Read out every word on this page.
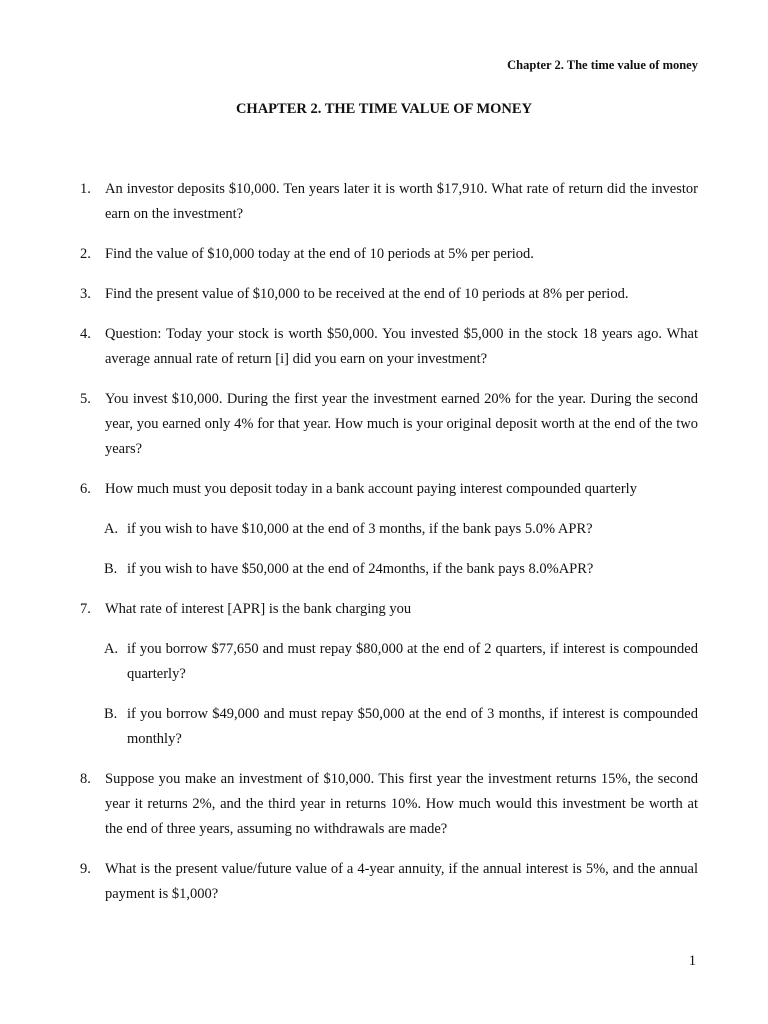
Chapter 2. The time value of money
CHAPTER 2. THE TIME VALUE OF MONEY
1. An investor deposits $10,000. Ten years later it is worth $17,910. What rate of return did the investor earn on the investment?
2. Find the value of $10,000 today at the end of 10 periods at 5% per period.
3. Find the present value of $10,000 to be received at the end of 10 periods at 8% per period.
4. Question: Today your stock is worth $50,000. You invested $5,000 in the stock 18 years ago. What average annual rate of return [i] did you earn on your investment?
5. You invest $10,000. During the first year the investment earned 20% for the year. During the second year, you earned only 4% for that year. How much is your original deposit worth at the end of the two years?
6. How much must you deposit today in a bank account paying interest compounded quarterly
A. if you wish to have $10,000 at the end of 3 months, if the bank pays 5.0% APR?
B. if you wish to have $50,000 at the end of 24months, if the bank pays 8.0%APR?
7. What rate of interest [APR] is the bank charging you
A. if you borrow $77,650 and must repay $80,000 at the end of 2 quarters, if interest is compounded quarterly?
B. if you borrow $49,000 and must repay $50,000 at the end of 3 months, if interest is compounded monthly?
8. Suppose you make an investment of $10,000. This first year the investment returns 15%, the second year it returns 2%, and the third year in returns 10%. How much would this investment be worth at the end of three years, assuming no withdrawals are made?
9. What is the present value/future value of a 4-year annuity, if the annual interest is 5%, and the annual payment is $1,000?
1
